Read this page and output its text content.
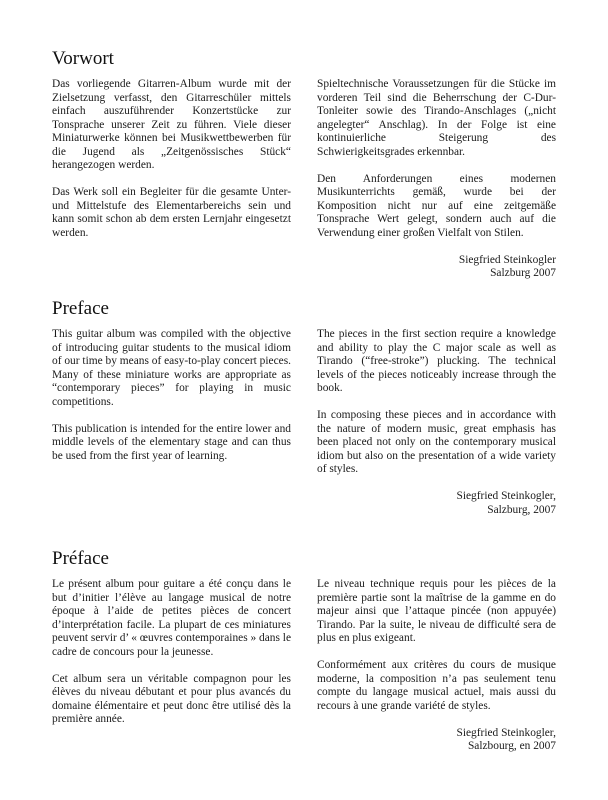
Vorwort

Das vorliegende Gitarren-Album wurde mit der Zielsetzung verfasst, den Gitarreschüler mittels einfach auszuführender Konzertstücke zur Tonsprache unserer Zeit zu führen. Viele dieser Miniaturwerke können bei Musikwettbewerben für die Jugend als „Zeitgenössisches Stück“ herangezogen werden.

Das Werk soll ein Begleiter für die gesamte Unter- und Mittelstufe des Elementarbereichs sein und kann somit schon ab dem ersten Lernjahr eingesetzt werden.

Spieltechnische Voraussetzungen für die Stücke im vorderen Teil sind die Beherrschung der C-Dur-Tonleiter sowie des Tirando-Anschlages („nicht angelegter“ Anschlag). In der Folge ist eine kontinuierliche Steigerung des Schwierigkeitsgrades erkennbar.

Den Anforderungen eines modernen Musikunterrichts gemäß, wurde bei der Komposition nicht nur auf eine zeitgemäße Tonsprache Wert gelegt, sondern auch auf die Verwendung einer großen Vielfalt von Stilen.

Siegfried Steinkogler
Salzburg 2007
Preface

This guitar album was compiled with the objective of introducing guitar students to the musical idiom of our time by means of easy-to-play concert pieces. Many of these miniature works are appropriate as “contemporary pieces” for playing in music competitions.

This publication is intended for the entire lower and middle levels of the elementary stage and can thus be used from the first year of learning.

The pieces in the first section require a knowledge and ability to play the C major scale as well as Tirando (“free-stroke”) plucking. The technical levels of the pieces noticeably increase through the book.

In composing these pieces and in accordance with the nature of modern music, great emphasis has been placed not only on the contemporary musical idiom but also on the presentation of a wide variety of styles.

Siegfried Steinkogler,
Salzburg, 2007
Préface

Le présent album pour guitare a été conçu dans le but d’initier l’élève au langage musical de notre époque à l’aide de petites pièces de concert d’interprétation facile. La plupart de ces miniatures peuvent servir d’ « œuvres contemporaines » dans le cadre de concours pour la jeunesse.

Cet album sera un véritable compagnon pour les élèves du niveau débutant et pour plus avancés du domaine élémentaire et peut donc être utilisé dès la première année.

Le niveau technique requis pour les pièces de la première partie sont la maîtrise de la gamme en do majeur ainsi que l’attaque pincée (non appuyée) Tirando. Par la suite, le niveau de difficulté sera de plus en plus exigeant.

Conformément aux critères du cours de musique moderne, la composition n’a pas seulement tenu compte du langage musical actuel, mais aussi du recours à une grande variété de styles.

Siegfried Steinkogler,
Salzbourg, en 2007
